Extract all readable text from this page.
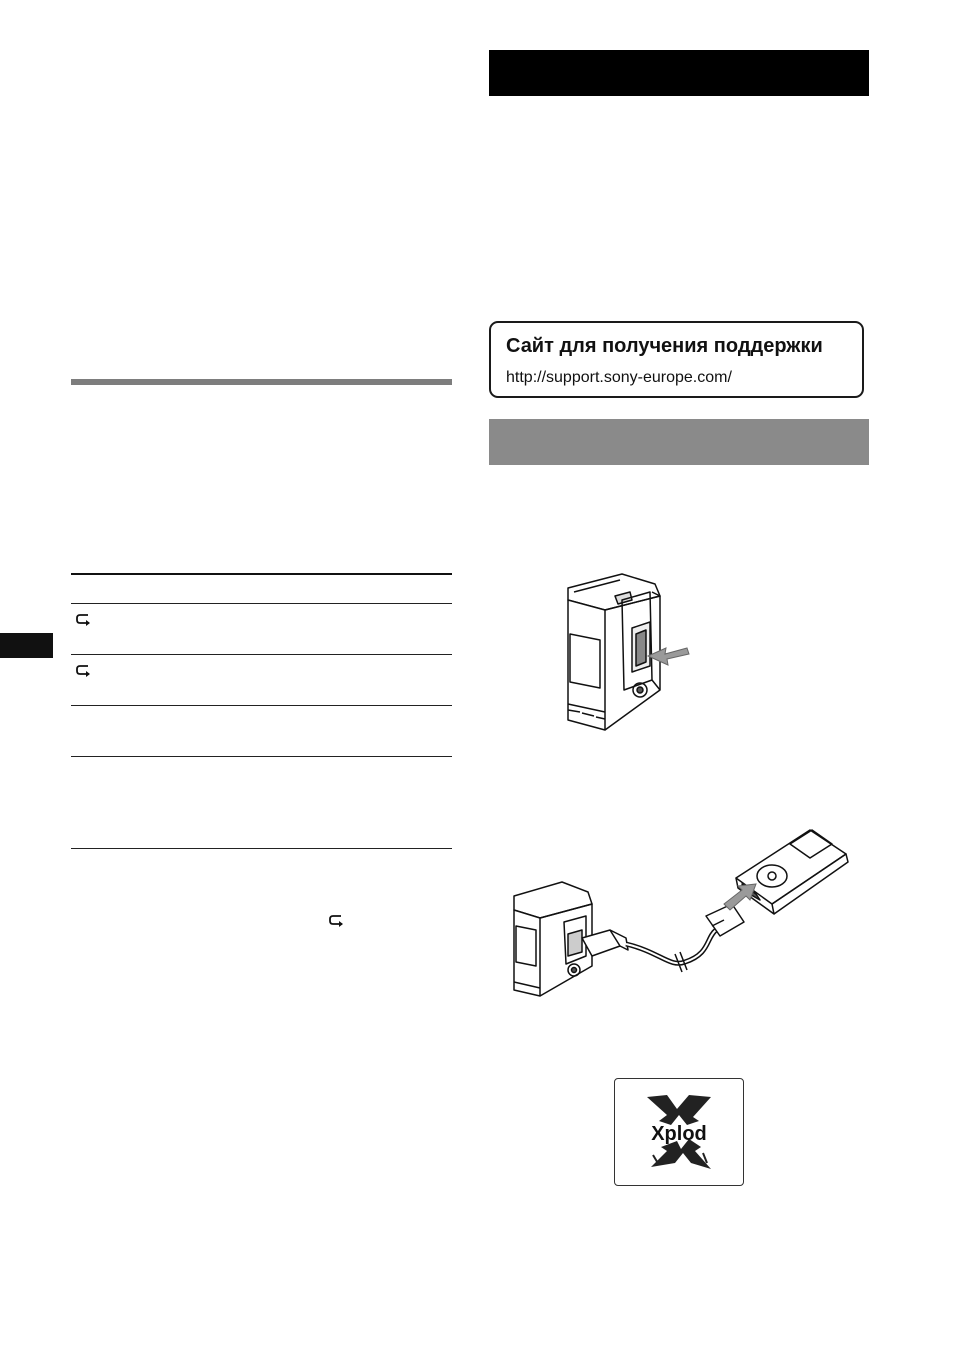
Сайт для получения поддержки
http://support.sony-europe.com/
Xplod
